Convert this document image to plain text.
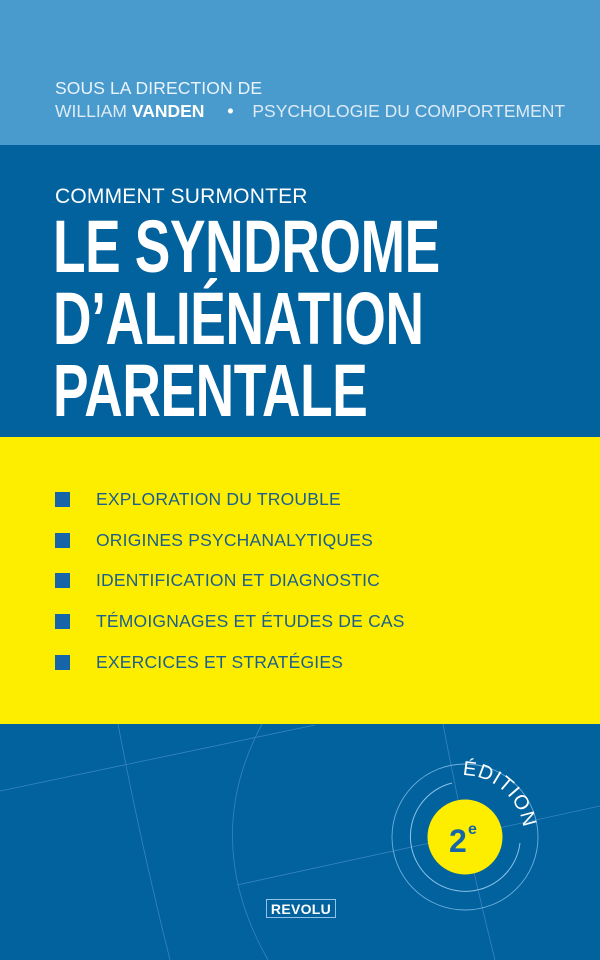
SOUS LA DIRECTION DE
WILLIAM VANDEN • PSYCHOLOGIE DU COMPORTEMENT
COMMENT SURMONTER
LE SYNDROME
D’ALIÉNATION
PARENTALE
EXPLORATION DU TROUBLE
ORIGINES PSYCHANALYTIQUES
IDENTIFICATION ET DIAGNOSTIC
TÉMOIGNAGES ET ÉTUDES DE CAS
EXERCICES ET STRATÉGIES
REVOLU
ÉDITION
2 e
